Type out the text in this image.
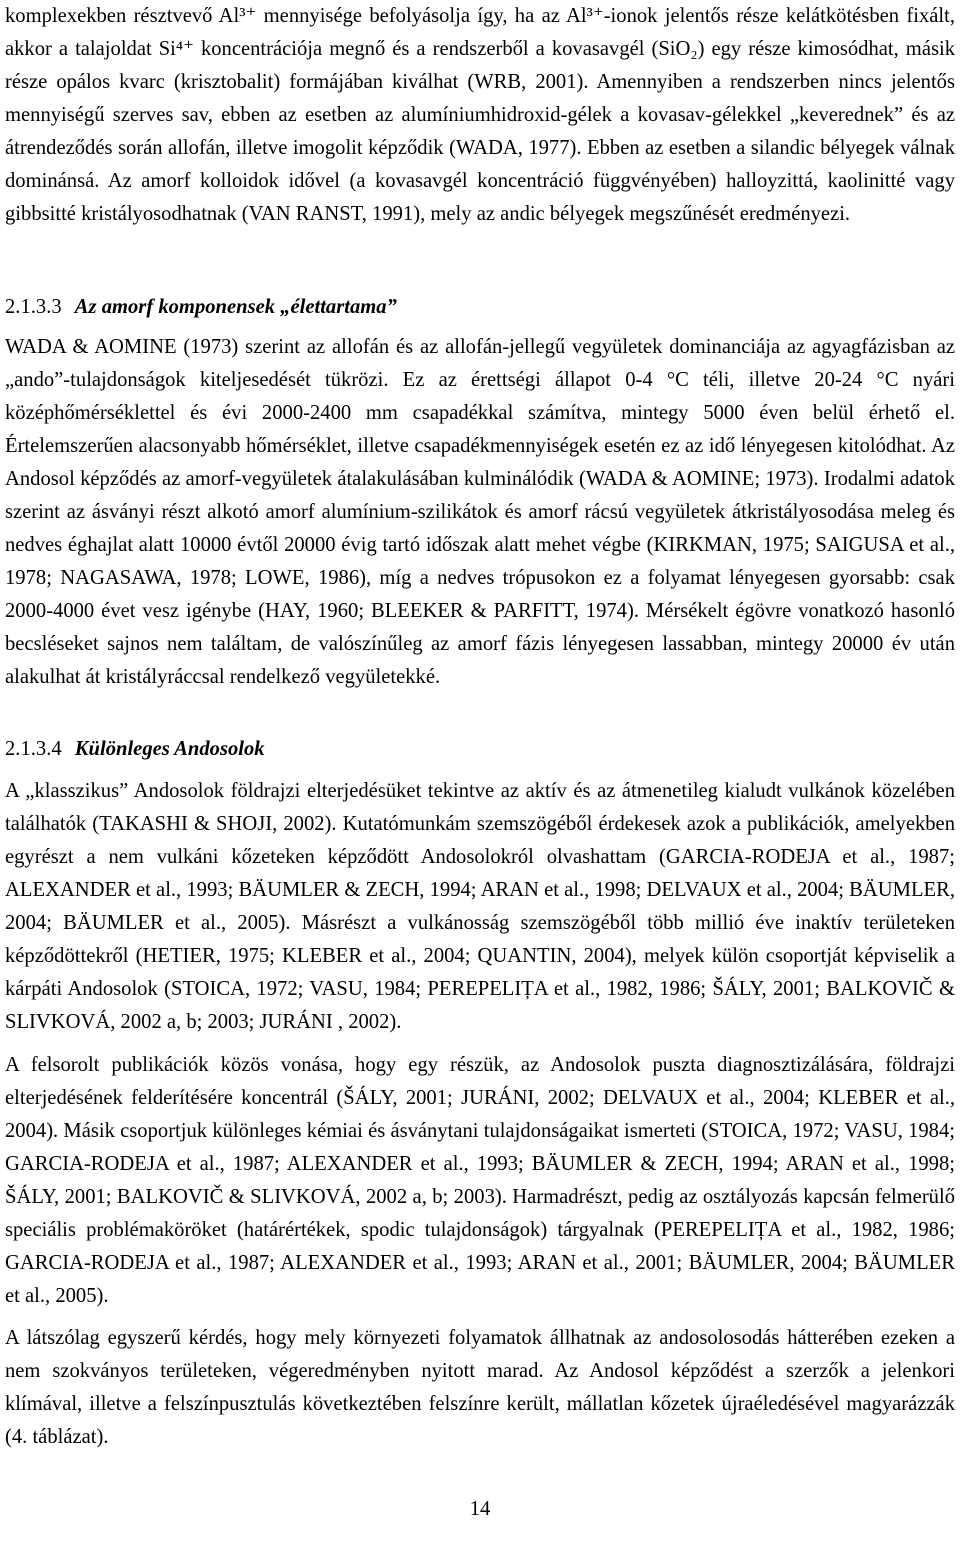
komplexekben résztvevő Al³⁺ mennyisége befolyásolja így, ha az Al³⁺-ionok jelentős része kelátkötésben fixált, akkor a talajoldat Si⁴⁺ koncentrációja megnő és a rendszerből a kovasavgél (SiO₂) egy része kimosódhat, másik része opálos kvarc (krisztobalit) formájában kiválhat (WRB, 2001). Amennyiben a rendszerben nincs jelentős mennyiségű szerves sav, ebben az esetben az alumíniumhidroxid-gélek a kovasav-gélekkel „keverednek” és az átrendeződés során allofán, illetve imogolit képződik (WADA, 1977). Ebben az esetben a silandic bélyegek válnak dominánsá. Az amorf kolloidok idővel (a kovasavgél koncentráció függvényében) halloyzittá, kaolinitté vagy gibbsitté kristályosodhatnak (VAN RANST, 1991), mely az andic bélyegek megszűnését eredményezi.

2.1.3.3 Az amorf komponensek „élettartama”

WADA & AOMINE (1973) szerint az allofán és az allofán-jellegű vegyületek dominanciája az agyagfázisban az „ando”-tulajdonságok kiteljesedését tükrözi. Ez az érettségi állapot 0-4 °C téli, illetve 20-24 °C nyári középhőmérséklettel és évi 2000-2400 mm csapadékkal számítva, mintegy 5000 éven belül érhető el. Értelemszerűen alacsonyabb hőmérséklet, illetve csapadékmennyiségek esetén ez az idő lényegesen kitolódhat. Az Andosol képződés az amorf-vegyületek átalakulásában kulminálódik (WADA & AOMINE; 1973). Irodalmi adatok szerint az ásványi részt alkotó amorf alumínium-szilikátok és amorf rácsú vegyületek átkristályosodása meleg és nedves éghajlat alatt 10000 évtől 20000 évig tartó időszak alatt mehet végbe (KIRKMAN, 1975; SAIGUSA et al., 1978; NAGASAWA, 1978; LOWE, 1986), míg a nedves trópusokon ez a folyamat lényegesen gyorsabb: csak 2000-4000 évet vesz igénybe (HAY, 1960; BLEEKER & PARFITT, 1974). Mérsékelt égövre vonatkozó hasonló becsléseket sajnos nem találtam, de valószínűleg az amorf fázis lényegesen lassabban, mintegy 20000 év után alakulhat át kristályráccsal rendelkező vegyületekké.

2.1.3.4 Különleges Andosolok

A „klasszikus” Andosolok földrajzi elterjedésüket tekintve az aktív és az átmenetileg kialudt vulkánok közelében találhatók (TAKASHI & SHOJI, 2002). Kutatómunkám szemszögéből érdekesek azok a publikációk, amelyekben egyrészt a nem vulkáni kőzeteken képződött Andosolokról olvashattam (GARCIA-RODEJA et al., 1987; ALEXANDER et al., 1993; BÄUMLER & ZECH, 1994; ARAN et al., 1998; DELVAUX et al., 2004; BÄUMLER, 2004; BÄUMLER et al., 2005). Másrészt a vulkánosság szemszögéből több millió éve inaktív területeken képződöttekről (HETIER, 1975; KLEBER et al., 2004; QUANTIN, 2004), melyek külön csoportját képviselik a kárpáti Andosolok (STOICA, 1972; VASU, 1984; PEREPELIȚA et al., 1982, 1986; ŠÁLY, 2001; BALKOVIČ & SLIVKOVÁ, 2002 a, b; 2003; JURÁNI , 2002).

A felsorolt publikációk közös vonása, hogy egy részük, az Andosolok puszta diagnosztizálására, földrajzi elterjedésének felderítésére koncentrál (ŠÁLY, 2001; JURÁNI, 2002; DELVAUX et al., 2004; KLEBER et al., 2004). Másik csoportjuk különleges kémiai és ásványtani tulajdonságaikat ismerteti (STOICA, 1972; VASU, 1984; GARCIA-RODEJA et al., 1987; ALEXANDER et al., 1993; BÄUMLER & ZECH, 1994; ARAN et al., 1998; ŠÁLY, 2001; BALKOVIČ & SLIVKOVÁ, 2002 a, b; 2003). Harmadrészt, pedig az osztályozás kapcsán felmerülő speciális problémaköröket (határértékek, spodic tulajdonságok) tárgyalnak (PEREPELIȚA et al., 1982, 1986; GARCIA-RODEJA et al., 1987; ALEXANDER et al., 1993; ARAN et al., 2001; BÄUMLER, 2004; BÄUMLER et al., 2005).

A látszólag egyszerű kérdés, hogy mely környezeti folyamatok állhatnak az andosolosodás hátterében ezeken a nem szokványos területeken, végeredményben nyitott marad. Az Andosol képződést a szerzők a jelenkori klímával, illetve a felszínpusztulás következtében felszínre került, mállatlan kőzetek újraéledésével magyarázzák (4. táblázat).

14
